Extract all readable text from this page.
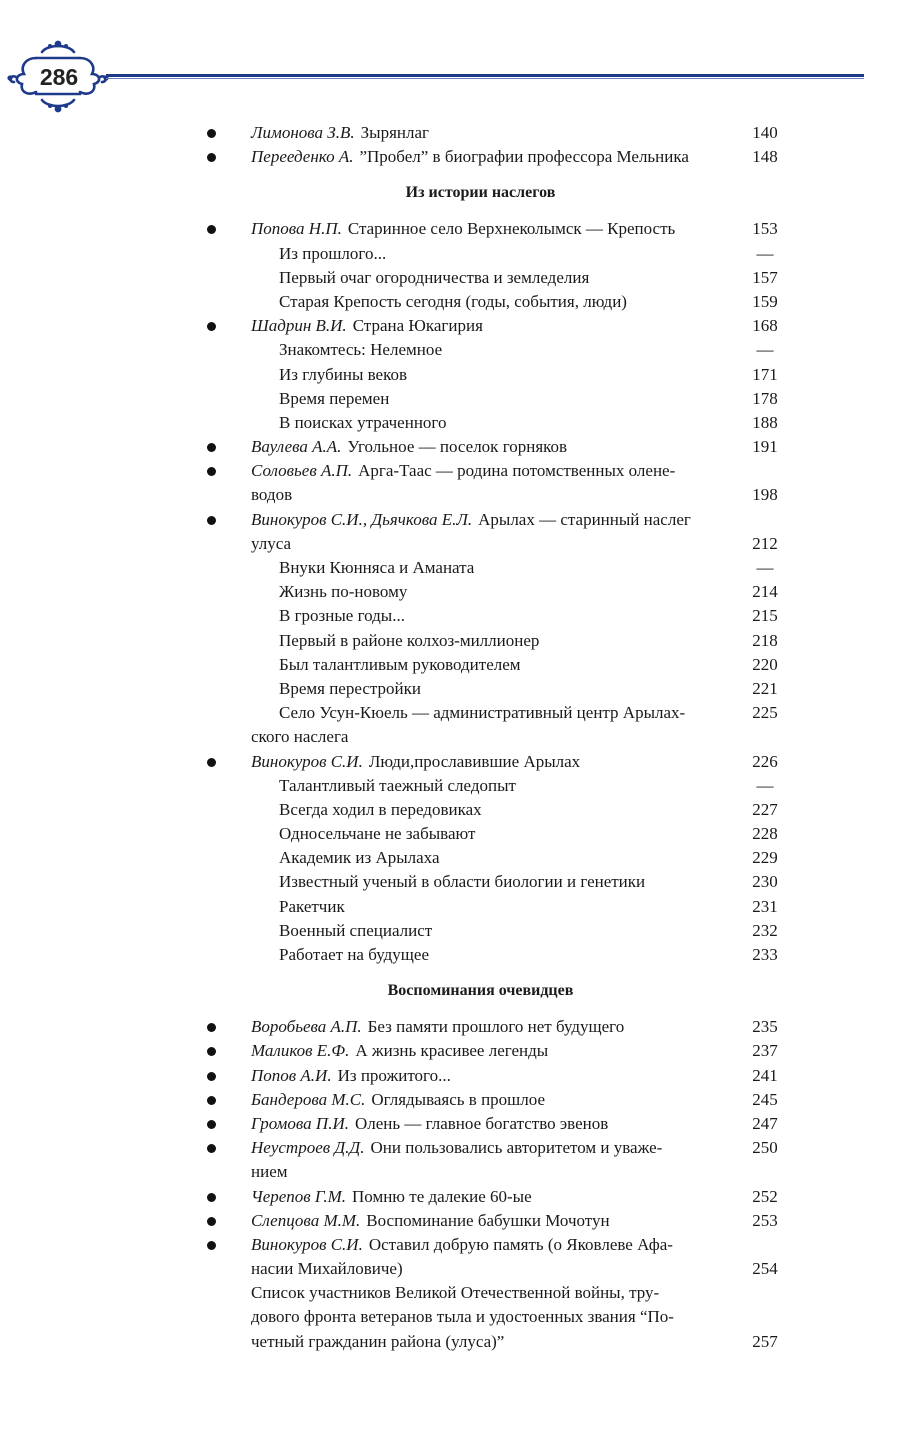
286
Лимонова З.В. Зырянлаг	140
Перееденко А. ”Пробел” в биографии профессора Мельника	148
Из истории наслегов
Попова Н.П. Старинное село Верхнеколымск — Крепость	153
Из прошлого...	—
Первый очаг огородничества и земледелия	157
Старая Крепость сегодня (годы, события, люди)	159
Шадрин В.И. Страна Юкагирия	168
Знакомтесь: Нелемное	—
Из глубины веков	171
Время перемен	178
В поисках утраченного	188
Ваулева А.А. Угольное — поселок горняков	191
Соловьев А.П. Арга-Таас — родина потомственных олене-
водов	198
Винокуров С.И., Дьячкова Е.Л. Арылах — старинный наслег
улуса	212
Внуки Кюнняса и Аманата	—
Жизнь по-новому	214
В грозные годы...	215
Первый в районе колхоз-миллионер	218
Был талантливым руководителем	220
Время перестройки	221
Село Усун-Кюель — административный центр Арылах-	225
ского наслега
Винокуров С.И. Люди,прославившие Арылах	226
Талантливый таежный следопыт	—
Всегда ходил в передовиках	227
Односельчане не забывают	228
Академик из Арылаха	229
Известный ученый в области биологии и генетики	230
Ракетчик	231
Военный специалист	232
Работает на будущее	233
Воспоминания очевидцев
Воробьева А.П. Без памяти прошлого нет будущего	235
Маликов Е.Ф. А жизнь красивее легенды	237
Попов А.И. Из прожитого...	241
Бандерова М.С. Оглядываясь в прошлое	245
Громова П.И. Олень — главное богатство эвенов	247
Неустроев Д.Д. Они пользовались авторитетом и уваже-	250
нием
Черепов Г.М. Помню те далекие 60-ые	252
Слепцова М.М. Воспоминание бабушки Мочотун	253
Винокуров С.И. Оставил добрую память (о Яковлеве Афа-
насии Михайловиче)	254
Список участников Великой Отечественной войны, тру-
дового фронта ветеранов тыла и удостоенных звания “По-
четный гражданин района (улуса)”	257
